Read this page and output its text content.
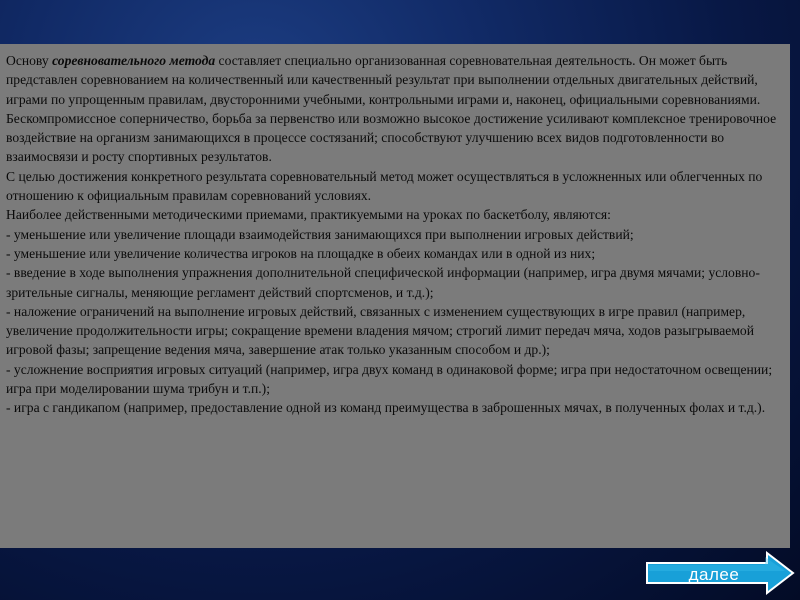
Основу соревновательного метода составляет специально организованная соревновательная деятельность. Он может быть представлен соревнованием на количественный или качественный результат при выполнении отдельных двигательных действий, играми по упрощенным правилам, двусторонними учебными, контрольными играми и, наконец, официальными соревнованиями.

Бескомпромиссное соперничество, борьба за первенство или возможно высокое достижение усиливают комплексное тренировочное воздействие на организм занимающихся в процессе состязаний; способствуют улучшению всех видов подготовленности во взаимосвязи и росту спортивных результатов.

С целью достижения конкретного результата соревновательный метод может осуществляться в усложненных или облегченных по отношению к официальным правилам соревнований условиях.

Наиболее действенными методическими приемами, практикуемыми на уроках по баскетболу, являются:

- уменьшение или увеличение площади взаимодействия занимающихся при выполнении игровых действий;

- уменьшение или увеличение количества игроков на площадке в обеих командах или в одной из них;

- введение в ходе выполнения упражнения дополнительной специфической информации (например, игра двумя мячами; условно-зрительные сигналы, меняющие регламент действий спортсменов, и т.д.);

- наложение ограничений на выполнение игровых действий, связанных с изменением существующих в игре правил (например, увеличение продолжительности игры; сокращение времени владения мячом; строгий лимит передач мяча, ходов разыгрываемой игровой фазы; запрещение ведения мяча, завершение атак только указанным способом и др.);

- усложнение восприятия игровых ситуаций (например, игра двух команд в одинаковой форме; игра при недостаточном освещении; игра при моделировании шума трибун и т.п.);

- игра с гандикапом (например, предоставление одной из команд преимущества в заброшенных мячах, в полученных фолах и т.д.).

далее
